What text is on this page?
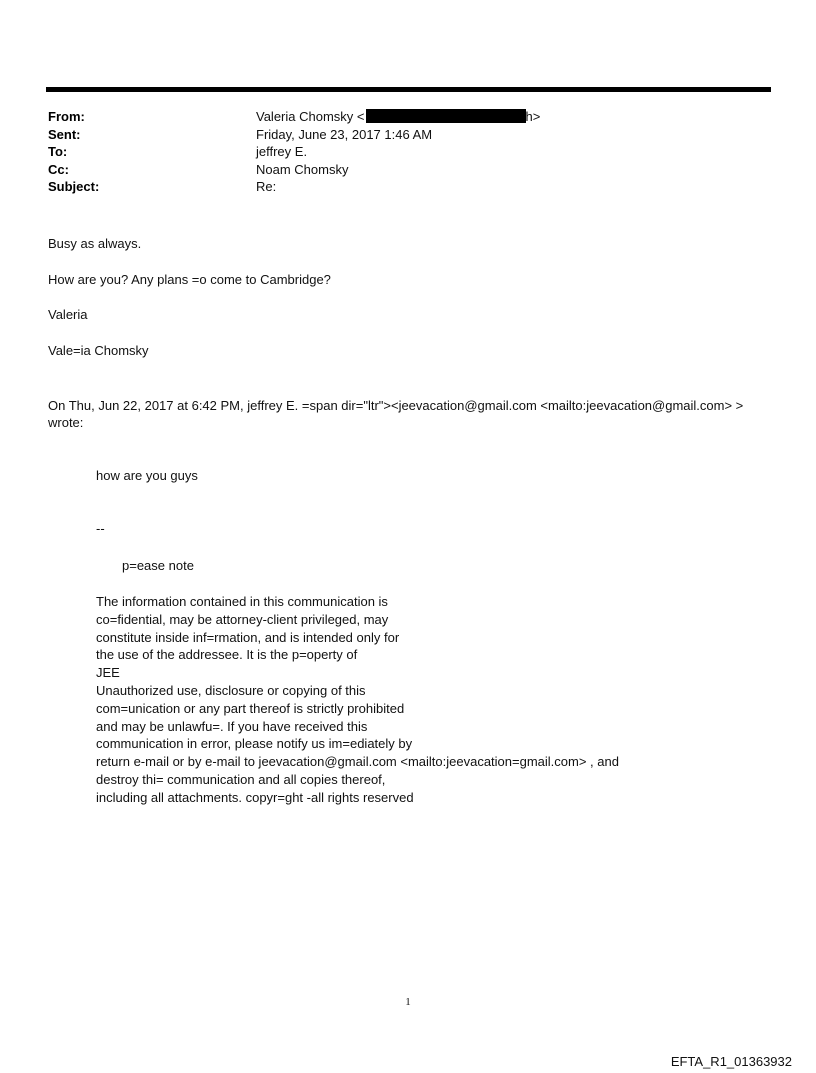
From:	Valeria Chomsky <	h>
Sent:	Friday, June 23, 2017 1:46 AM
To:	jeffrey E.
Cc:	Noam Chomsky
Subject:	Re:
Busy as always.
How are you? Any plans =o come to Cambridge?
Valeria
Vale=ia Chomsky
On Thu, Jun 22, 2017 at 6:42 PM, jeffrey E. =span dir="ltr"><jeevacation@gmail.com <mailto:jeevacation@gmail.com> > wrote:
how are you guys
--
p=ease note
The information contained in this communication is
co=fidential, may be attorney-client privileged, may
constitute inside inf=rmation, and is intended only for
the use of the addressee. It is the p=operty of
JEE
Unauthorized use, disclosure or copying of this
com=unication or any part thereof is strictly prohibited
and may be unlawfu=. If you have received this
communication in error, please notify us im=ediately by
return e-mail or by e-mail to jeevacation@gmail.com <mailto:jeevacation=gmail.com> , and
destroy thi= communication and all copies thereof,
including all attachments. copyr=ght -all rights reserved
1
EFTA_R1_01363932
